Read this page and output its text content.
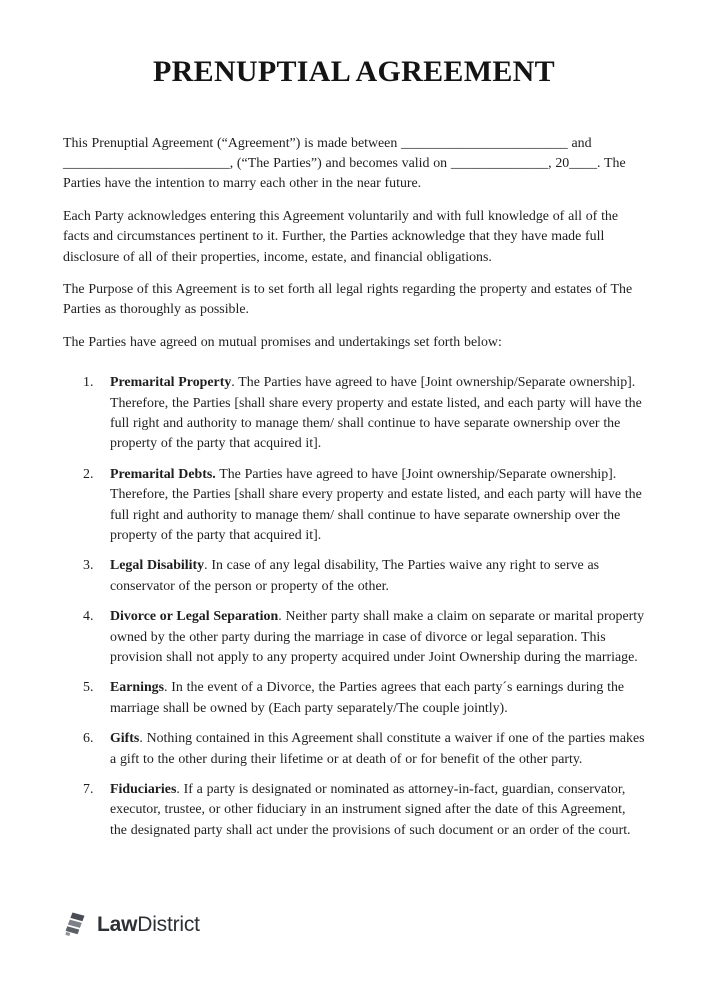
PRENUPTIAL AGREEMENT

This Prenuptial Agreement (“Agreement”) is made between ________________________ and ________________________, (“The Parties”) and becomes valid on ______________, 20____. The Parties have the intention to marry each other in the near future.

Each Party acknowledges entering this Agreement voluntarily and with full knowledge of all of the facts and circumstances pertinent to it. Further, the Parties acknowledge that they have made full disclosure of all of their properties, income, estate, and financial obligations.

The Purpose of this Agreement is to set forth all legal rights regarding the property and estates of The Parties as thoroughly as possible.

The Parties have agreed on mutual promises and undertakings set forth below:

1. Premarital Property. The Parties have agreed to have [Joint ownership/Separate ownership]. Therefore, the Parties [shall share every property and estate listed, and each party will have the full right and authority to manage them/ shall continue to have separate ownership over the property of the party that acquired it].
2. Premarital Debts. The Parties have agreed to have [Joint ownership/Separate ownership]. Therefore, the Parties [shall share every property and estate listed, and each party will have the full right and authority to manage them/ shall continue to have separate ownership over the property of the party that acquired it].
3. Legal Disability. In case of any legal disability, The Parties waive any right to serve as conservator of the person or property of the other.
4. Divorce or Legal Separation. Neither party shall make a claim on separate or marital property owned by the other party during the marriage in case of divorce or legal separation. This provision shall not apply to any property acquired under Joint Ownership during the marriage.
5. Earnings. In the event of a Divorce, the Parties agrees that each party´s earnings during the marriage shall be owned by (Each party separately/The couple jointly).
6. Gifts. Nothing contained in this Agreement shall constitute a waiver if one of the parties makes a gift to the other during their lifetime or at death of or for benefit of the other party.
7. Fiduciaries. If a party is designated or nominated as attorney-in-fact, guardian, conservator, executor, trustee, or other fiduciary in an instrument signed after the date of this Agreement, the designated party shall act under the provisions of such document or an order of the court.
LawDistrict
